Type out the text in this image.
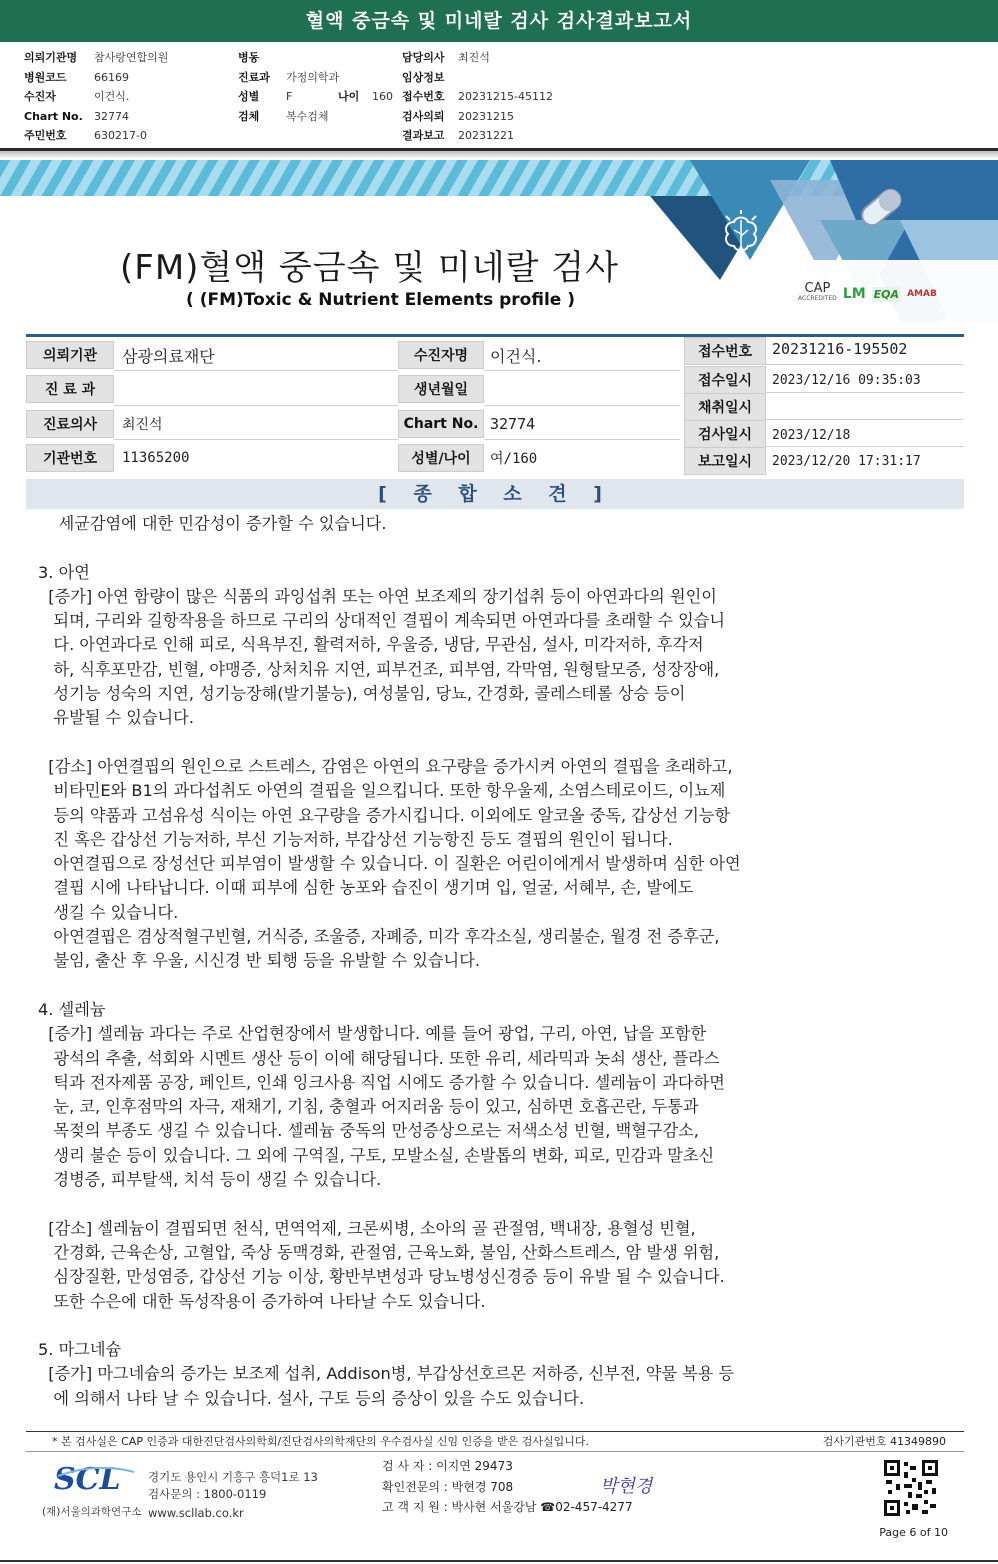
혈액 중금속 및 미네랄 검사 검사결과보고서
의뢰기관명	참사랑연합의원
병원코드	66169
수진자	이건식.
Chart No.	32774
주민번호	630217-0
병동
진료과	가정의학과
성별	F	나이	160
검체	복수검체
담당의사	최진석
임상정보
접수번호	20231215-45112
검사의뢰	20231215
결과보고	20231221
(FM)혈액 중금속 및 미네랄 검사
( (FM)Toxic & Nutrient Elements profile )
CAP
ACCREDITED LM EQA AMAB
의뢰기관	삼광의료재단
진 료 과
진료의사	최진석
기관번호	11365200
수진자명	이건식.
생년월일
Chart No. 32774
성별/나이	여/160
접수번호	20231216-195502
접수일시	2023/12/16 09:35:03
채취일시
검사일시	2023/12/18
보고일시	2023/12/20 17:31:17
[ 종 합 소 견 ]

세균감염에 대한 민감성이 증가할 수 있습니다.

3. 아연

[증가] 아연 함량이 많은 식품의 과잉섭취 또는 아연 보조제의 장기섭취 등이 아연과다의 원인이

되며, 구리와 길항작용을 하므로 구리의 상대적인 결핍이 계속되면 아연과다를 초래할 수 있습니

다. 아연과다로 인해 피로, 식욕부진, 활력저하, 우울증, 냉담, 무관심, 설사, 미각저하, 후각저

하, 식후포만감, 빈혈, 야맹증, 상처치유 지연, 피부건조, 피부염, 각막염, 원형탈모증, 성장장애,

성기능 성숙의 지연, 성기능장해(발기불능), 여성불임, 당뇨, 간경화, 콜레스테롤 상승 등이

유발될 수 있습니다.

[감소] 아연결핍의 원인으로 스트레스, 감염은 아연의 요구량을 증가시켜 아연의 결핍을 초래하고,

비타민E와 B1의 과다섭취도 아연의 결핍을 일으킵니다. 또한 항우울제, 소염스테로이드, 이뇨제

등의 약품과 고섬유성 식이는 아연 요구량을 증가시킵니다. 이외에도 알코올 중독, 갑상선 기능항

진 혹은 갑상선 기능저하, 부신 기능저하, 부갑상선 기능항진 등도 결핍의 원인이 됩니다.

아연결핍으로 장성선단 피부염이 발생할 수 있습니다. 이 질환은 어린이에게서 발생하며 심한 아연

결핍 시에 나타납니다. 이때 피부에 심한 농포와 습진이 생기며 입, 얼굴, 서혜부, 손, 발에도

생길 수 있습니다.

아연결핍은 겸상적혈구빈혈, 거식증, 조울증, 자폐증, 미각 후각소실, 생리불순, 월경 전 증후군,

불임, 출산 후 우울, 시신경 반 퇴행 등을 유발할 수 있습니다.

4. 셀레늄

[증가] 셀레늄 과다는 주로 산업현장에서 발생합니다. 예를 들어 광업, 구리, 아연, 납을 포함한

광석의 추출, 석회와 시멘트 생산 등이 이에 해당됩니다. 또한 유리, 세라믹과 놋쇠 생산, 플라스

틱과 전자제품 공장, 페인트, 인쇄 잉크사용 직업 시에도 증가할 수 있습니다. 셀레늄이 과다하면

눈, 코, 인후점막의 자극, 재채기, 기침, 충혈과 어지러움 등이 있고, 심하면 호흡곤란, 두통과

목젖의 부종도 생길 수 있습니다. 셀레늄 중독의 만성증상으로는 저색소성 빈혈, 백혈구감소,

생리 불순 등이 있습니다. 그 외에 구역질, 구토, 모발소실, 손발톱의 변화, 피로, 민감과 말초신

경병증, 피부탈색, 치석 등이 생길 수 있습니다.

[감소] 셀레늄이 결핍되면 천식, 면역억제, 크론씨병, 소아의 골 관절염, 백내장, 용혈성 빈혈,

간경화, 근육손상, 고혈압, 죽상 동맥경화, 관절염, 근육노화, 불임, 산화스트레스, 암 발생 위험,

심장질환, 만성염증, 갑상선 기능 이상, 황반부변성과 당뇨병성신경증 등이 유발 될 수 있습니다.

또한 수은에 대한 독성작용이 증가하여 나타날 수도 있습니다.

5. 마그네슘

[증가] 마그네슘의 증가는 보조제 섭취, Addison병, 부갑상선호르몬 저하증, 신부전, 약물 복용 등

에 의해서 나타 날 수 있습니다. 설사, 구토 등의 증상이 있을 수도 있습니다.

* 본 검사실은 CAP 인증과 대한진단검사의학회/진단검사의학재단의 우수검사실 신임 인증을 받은 검사실입니다.	검사기관번호 41349890
SCL
(재)서울의과학연구소
경기도 용인시 기흥구 흥덕1로 13
검사문의 : 1800-0119
www.scllab.co.kr
검 사 자 : 이지연 29473
확인전문의 : 박현경 708
고 객 지 원 : 박사현 서울강남 ☎02-457-4277
박현경
Page 6 of 10
